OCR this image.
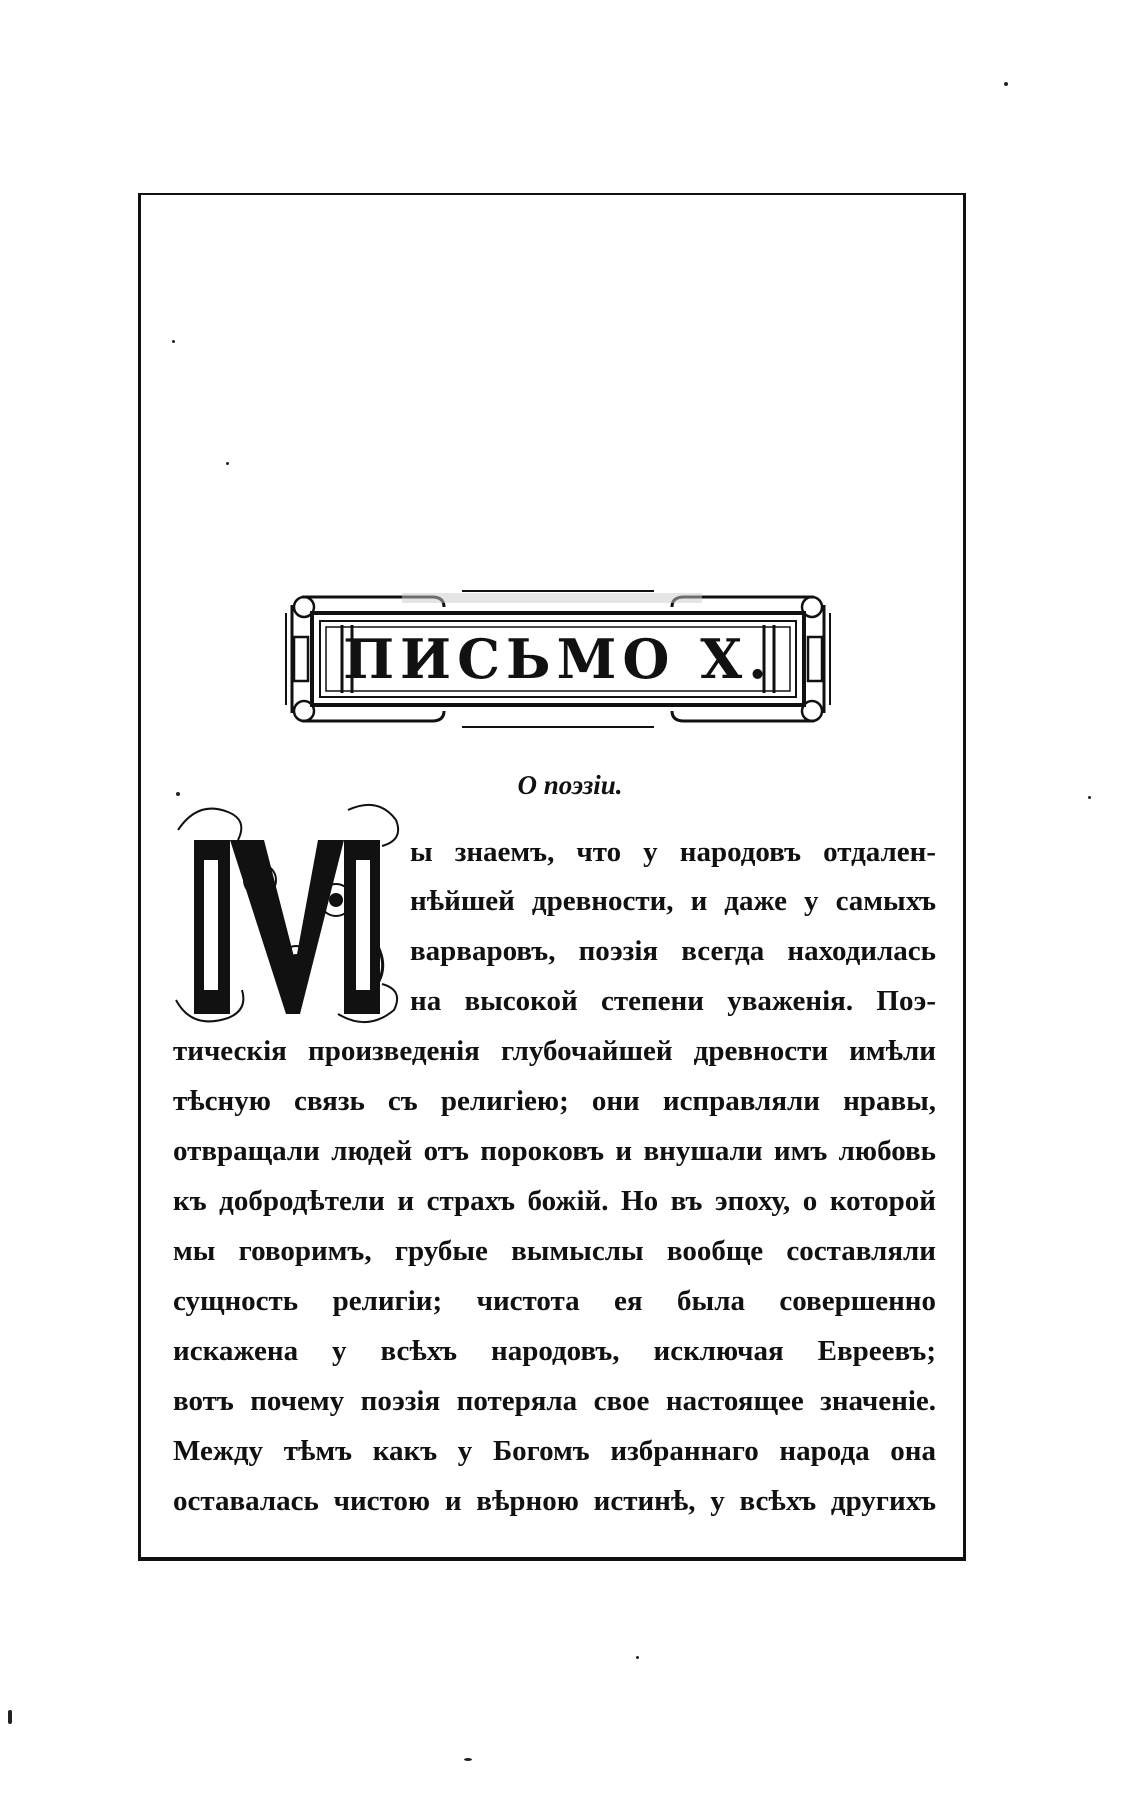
ПИСЬМО X.
О поэзіи.
ы знаемъ, что у народовъ отдален-
нѣйшей древности, и даже у самыхъ
варваровъ, поэзія всегда находилась
на высокой степени уваженія. Поэ-
тическія произведенія глубочайшей древности имѣли
тѣсную связь съ религіею; они исправляли нравы,
отвращали людей отъ пороковъ и внушали имъ любовь
къ добродѣтели и страхъ божій. Но въ эпоху, о которой
мы говоримъ, грубые вымыслы вообще составляли
сущность религіи; чистота ея была совершенно
искажена у всѣхъ народовъ, исключая Евреевъ;
вотъ почему поэзія потеряла свое настоящее значеніе.
Между тѣмъ какъ у Богомъ избраннаго народа она
оставалась чистою и вѣрною истинѣ, у всѣхъ другихъ
